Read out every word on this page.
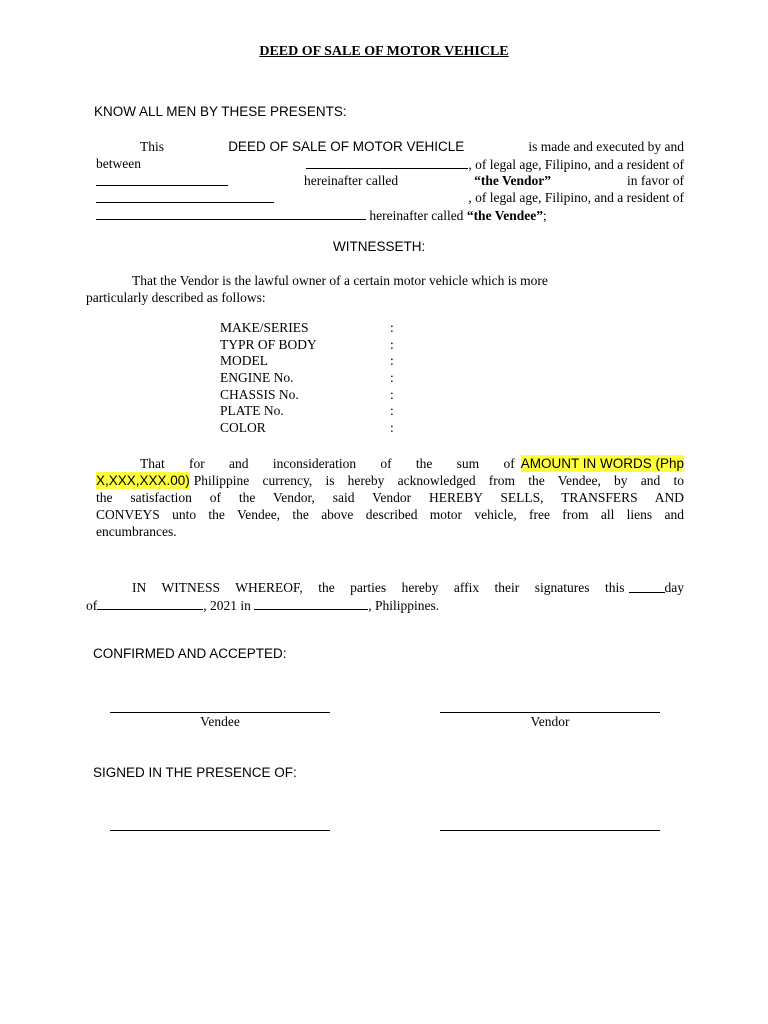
DEED OF SALE OF MOTOR VEHICLE
KNOW ALL MEN BY THESE PRESENTS:
This	DEED OF SALE OF MOTOR VEHICLE	is made and executed by and
between	, of legal age, Filipino, and a resident of
hereinafter called	“the Vendor”	in favor of
, of legal age, Filipino, and a resident of
hereinafter called “the Vendee”;
WITNESSETH:
That the Vendor is the lawful owner of a certain motor vehicle which is more
particularly described as follows:
MAKE/SERIES	:
TYPR OF BODY	:
MODEL	:
ENGINE No.	:
CHASSIS No.	:
PLATE No.	:
COLOR	:
That for and inconsideration of the sum of AMOUNT IN WORDS (Php
X,XXX,XXX.00) Philippine currency, is hereby acknowledged from the Vendee, by and to
the satisfaction of the Vendor, said Vendor HEREBY SELLS, TRANSFERS AND
CONVEYS unto the Vendee, the above described motor vehicle, free from all liens and
encumbrances.
IN WITNESS WHEREOF, the parties hereby affix their signatures this	day
of	, 2021 in	, Philippines.
CONFIRMED AND ACCEPTED:
Vendee	Vendor
SIGNED IN THE PRESENCE OF:
